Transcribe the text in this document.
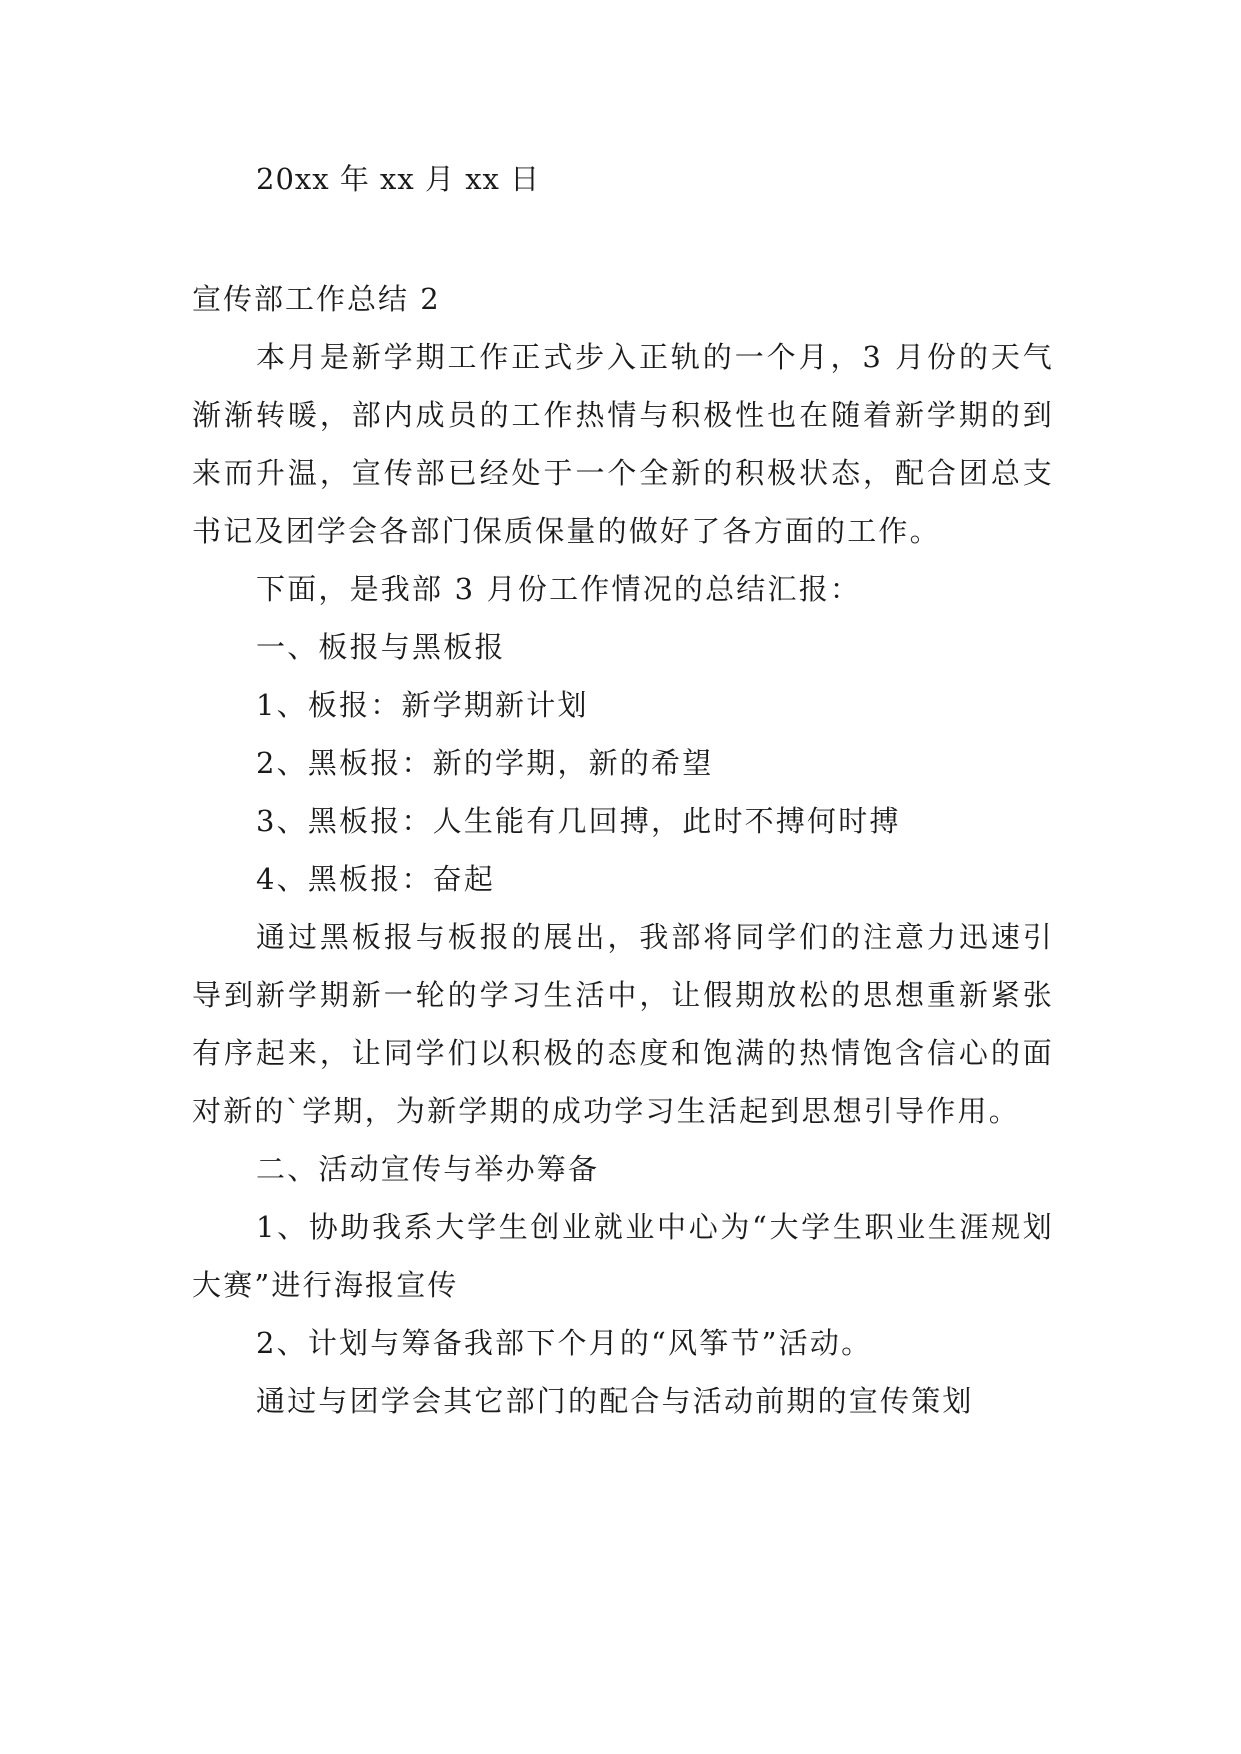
20xx 年 xx 月 xx 日
宣传部工作总结 2

本月是新学期工作正式步入正轨的一个月，3 月份的天气渐渐转暖，部内成员的工作热情与积极性也在随着新学期的到来而升温，宣传部已经处于一个全新的积极状态，配合团总支书记及团学会各部门保质保量的做好了各方面的工作。

下面，是我部 3 月份工作情况的总结汇报：

一、板报与黑板报

1、板报：新学期新计划

2、黑板报：新的学期，新的希望

3、黑板报：人生能有几回搏，此时不搏何时搏

4、黑板报：奋起

通过黑板报与板报的展出，我部将同学们的注意力迅速引导到新学期新一轮的学习生活中，让假期放松的思想重新紧张有序起来，让同学们以积极的态度和饱满的热情饱含信心的面对新的`学期，为新学期的成功学习生活起到思想引导作用。

二、活动宣传与举办筹备

1、协助我系大学生创业就业中心为“大学生职业生涯规划大赛”进行海报宣传

2、计划与筹备我部下个月的“风筝节”活动。

通过与团学会其它部门的配合与活动前期的宣传策划
